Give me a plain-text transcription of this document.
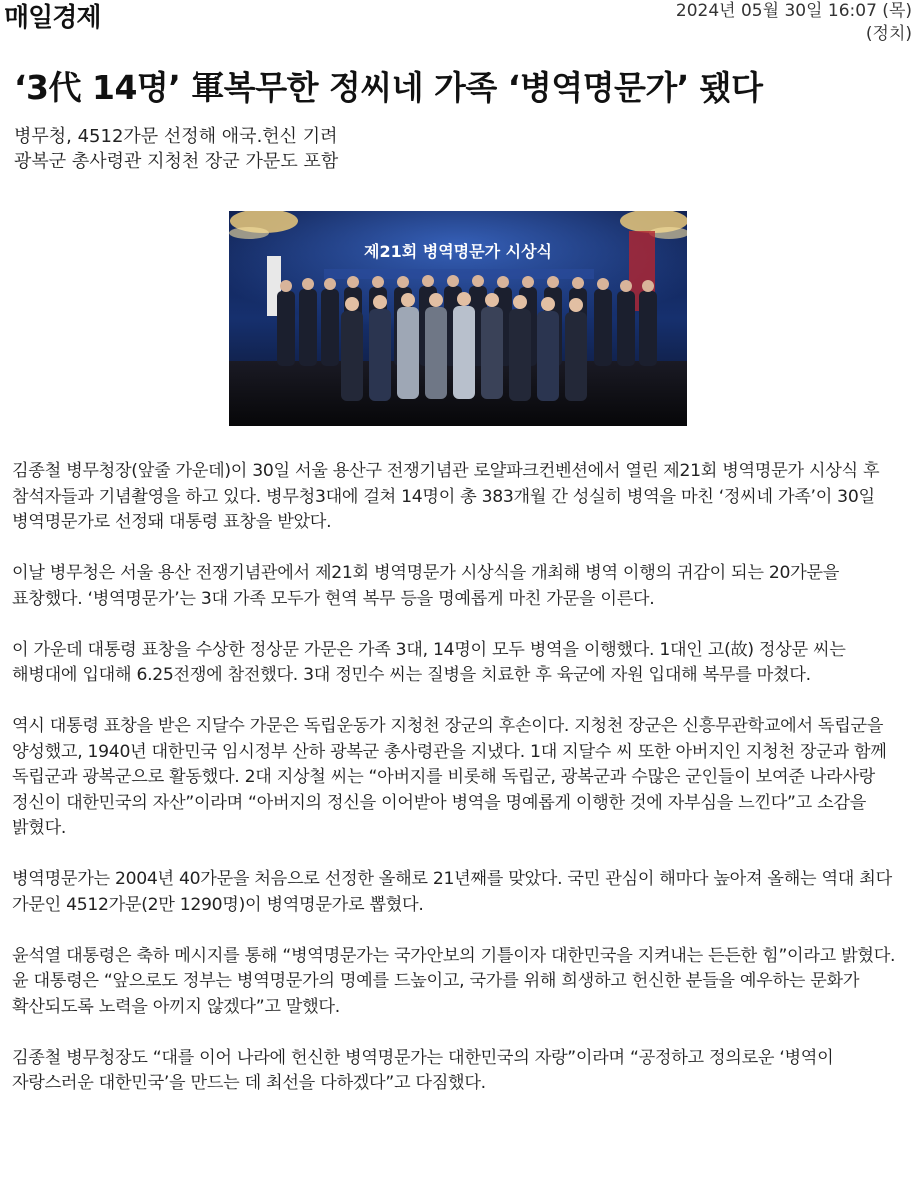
매일경제	2024년 05월 30일 16:07 (목)
(정치)
‘3代 14명’ 軍복무한 정씨네 가족 ‘병역명문가’ 됐다
병무청, 4512가문 선정해 애국.헌신 기려
광복군 총사령관 지청천 장군 가문도 포함
제21회 병역명문가 시상식

김종철 병무청장(앞줄 가운데)이 30일 서울 용산구 전쟁기념관 로얄파크컨벤션에서 열린 제21회 병역명문가 시상식 후 참석자들과 기념촬영을 하고 있다. 병무청3대에 걸쳐 14명이 총 383개월 간 성실히 병역을 마친 ‘정씨네 가족’이 30일 병역명문가로 선정돼 대통령 표창을 받았다.

이날 병무청은 서울 용산 전쟁기념관에서 제21회 병역명문가 시상식을 개최해 병역 이행의 귀감이 되는 20가문을 표창했다. ‘병역명문가’는 3대 가족 모두가 현역 복무 등을 명예롭게 마친 가문을 이른다.

이 가운데 대통령 표창을 수상한 정상문 가문은 가족 3대, 14명이 모두 병역을 이행했다. 1대인 고(故) 정상문 씨는 해병대에 입대해 6.25전쟁에 참전했다. 3대 정민수 씨는 질병을 치료한 후 육군에 자원 입대해 복무를 마쳤다.

역시 대통령 표창을 받은 지달수 가문은 독립운동가 지청천 장군의 후손이다. 지청천 장군은 신흥무관학교에서 독립군을 양성했고, 1940년 대한민국 임시정부 산하 광복군 총사령관을 지냈다. 1대 지달수 씨 또한 아버지인 지청천 장군과 함께 독립군과 광복군으로 활동했다. 2대 지상철 씨는 “아버지를 비롯해 독립군, 광복군과 수많은 군인들이 보여준 나라사랑 정신이 대한민국의 자산”이라며 “아버지의 정신을 이어받아 병역을 명예롭게 이행한 것에 자부심을 느낀다”고 소감을 밝혔다.

병역명문가는 2004년 40가문을 처음으로 선정한 올해로 21년째를 맞았다. 국민 관심이 해마다 높아져 올해는 역대 최다 가문인 4512가문(2만 1290명)이 병역명문가로 뽑혔다.

윤석열 대통령은 축하 메시지를 통해 “병역명문가는 국가안보의 기틀이자 대한민국을 지켜내는 든든한 힘”이라고 밝혔다. 윤 대통령은 “앞으로도 정부는 병역명문가의 명예를 드높이고, 국가를 위해 희생하고 헌신한 분들을 예우하는 문화가 확산되도록 노력을 아끼지 않겠다”고 말했다.

김종철 병무청장도 “대를 이어 나라에 헌신한 병역명문가는 대한민국의 자랑”이라며 “공정하고 정의로운 ‘병역이 자랑스러운 대한민국’을 만드는 데 최선을 다하겠다”고 다짐했다.
